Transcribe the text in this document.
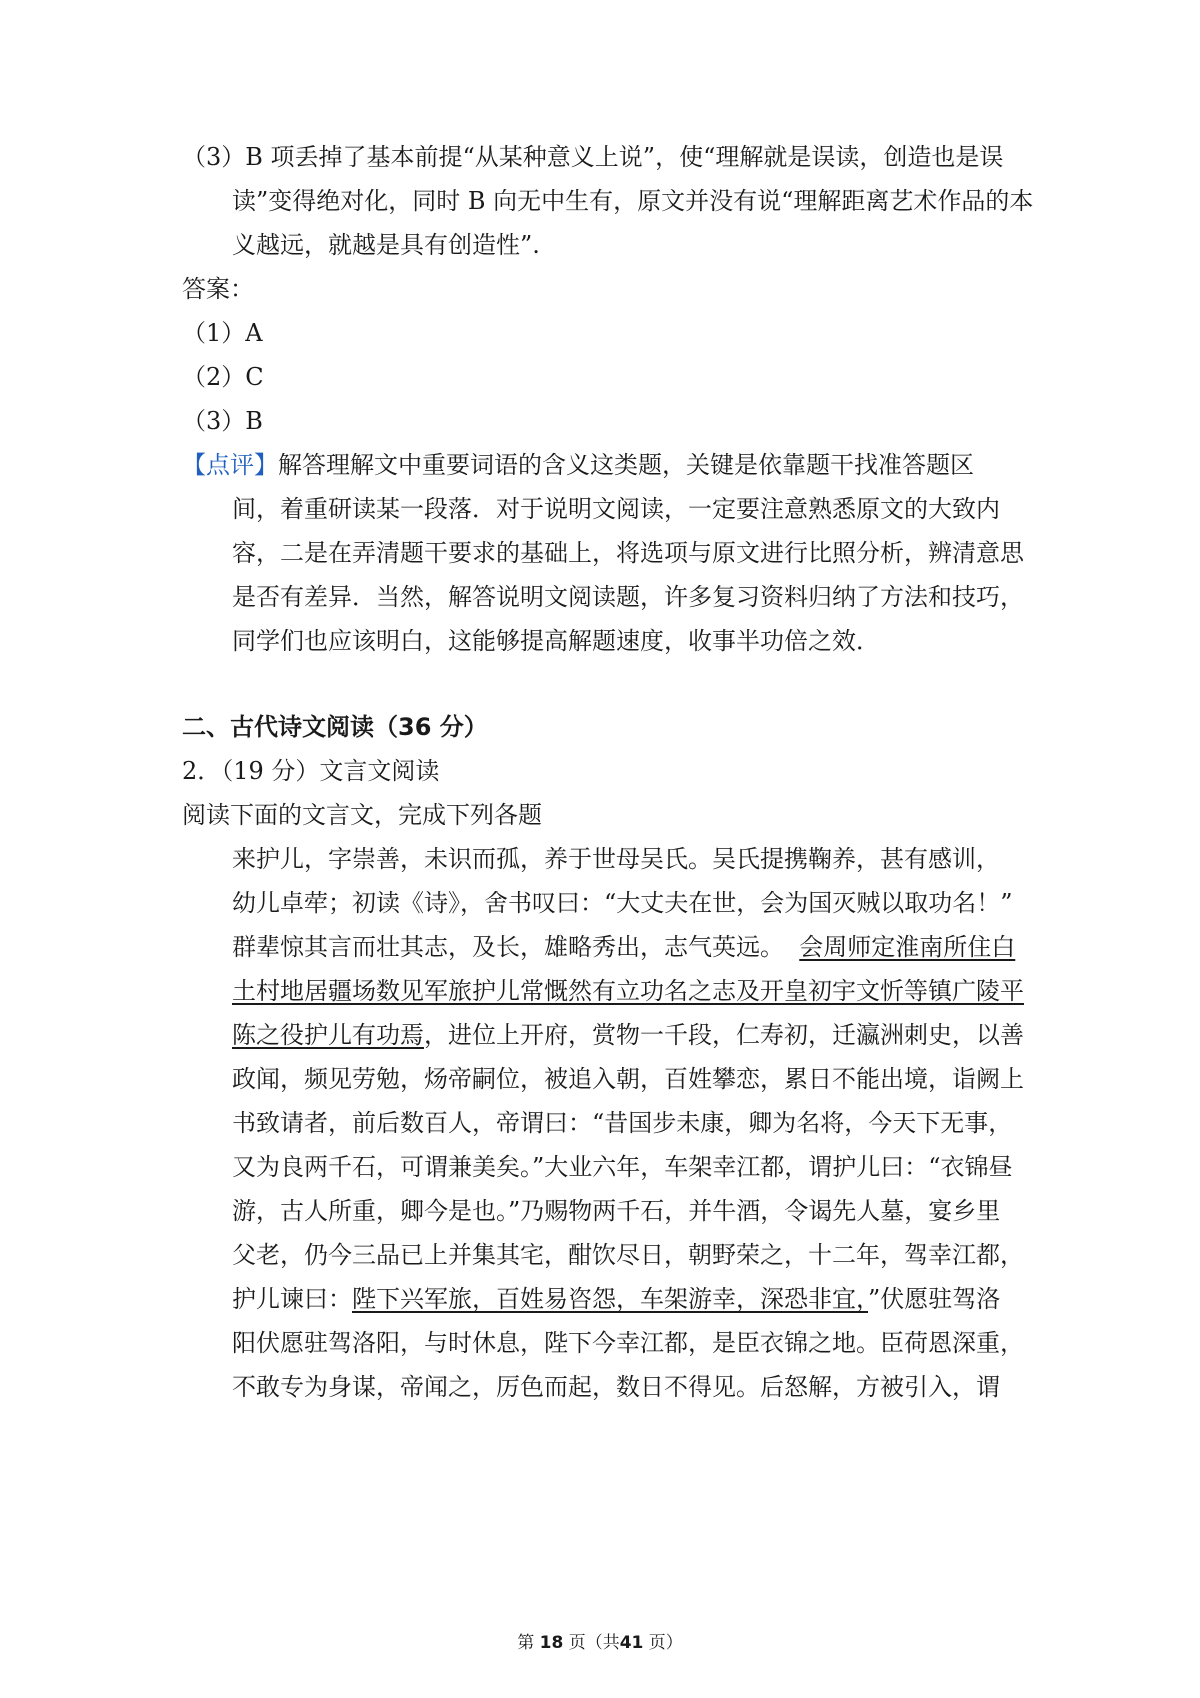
（3）B 项丢掉了基本前提“从某种意义上说”，使“理解就是误读，创造也是误
读”变得绝对化，同时 B 向无中生有，原文并没有说“理解距离艺术作品的本
义越远，就越是具有创造性”.
答案：
（1）A
（2）C
（3）B
【点评】解答理解文中重要词语的含义这类题，关键是依靠题干找准答题区
间，着重研读某一段落．对于说明文阅读，一定要注意熟悉原文的大致内
容，二是在弄清题干要求的基础上，将选项与原文进行比照分析，辨清意思
是否有差异．当然，解答说明文阅读题，许多复习资料归纳了方法和技巧，
同学们也应该明白，这能够提高解题速度，收事半功倍之效．
二、古代诗文阅读（36 分）
2．（19 分）文言文阅读
阅读下面的文言文，完成下列各题
来护儿，字崇善，未识而孤，养于世母吴氏。吴氏提携鞠养，甚有感训，
幼儿卓荦；初读《诗》，舍书叹曰：“大丈夫在世，会为国灭贼以取功名！”
群辈惊其言而壮其志，及长，雄略秀出，志气英远。 会周师定淮南所住白
土村地居疆场数见军旅护儿常慨然有立功名之志及开皇初宇文忻等镇广陵平
陈之役护儿有功焉，进位上开府，赏物一千段，仁寿初，迁瀛洲刺史，以善
政闻，频见劳勉，炀帝嗣位，被追入朝，百姓攀恋，累日不能出境，诣阙上
书致请者，前后数百人，帝谓曰：“昔国步未康，卿为名将，今天下无事，
又为良两千石，可谓兼美矣。”大业六年，车架幸江都，谓护儿曰：“衣锦昼
游，古人所重，卿今是也。”乃赐物两千石，并牛酒，令谒先人墓，宴乡里
父老，仍今三品已上并集其宅，酣饮尽日，朝野荣之，十二年，驾幸江都，
护儿谏曰：陛下兴军旅，百姓易咨怨，车架游幸，深恐非宜，”伏愿驻驾洛
阳伏愿驻驾洛阳，与时休息，陛下今幸江都，是臣衣锦之地。臣荷恩深重，
不敢专为身谋，帝闻之，厉色而起，数日不得见。后怒解，方被引入，谓
第 18 页（共41 页）
